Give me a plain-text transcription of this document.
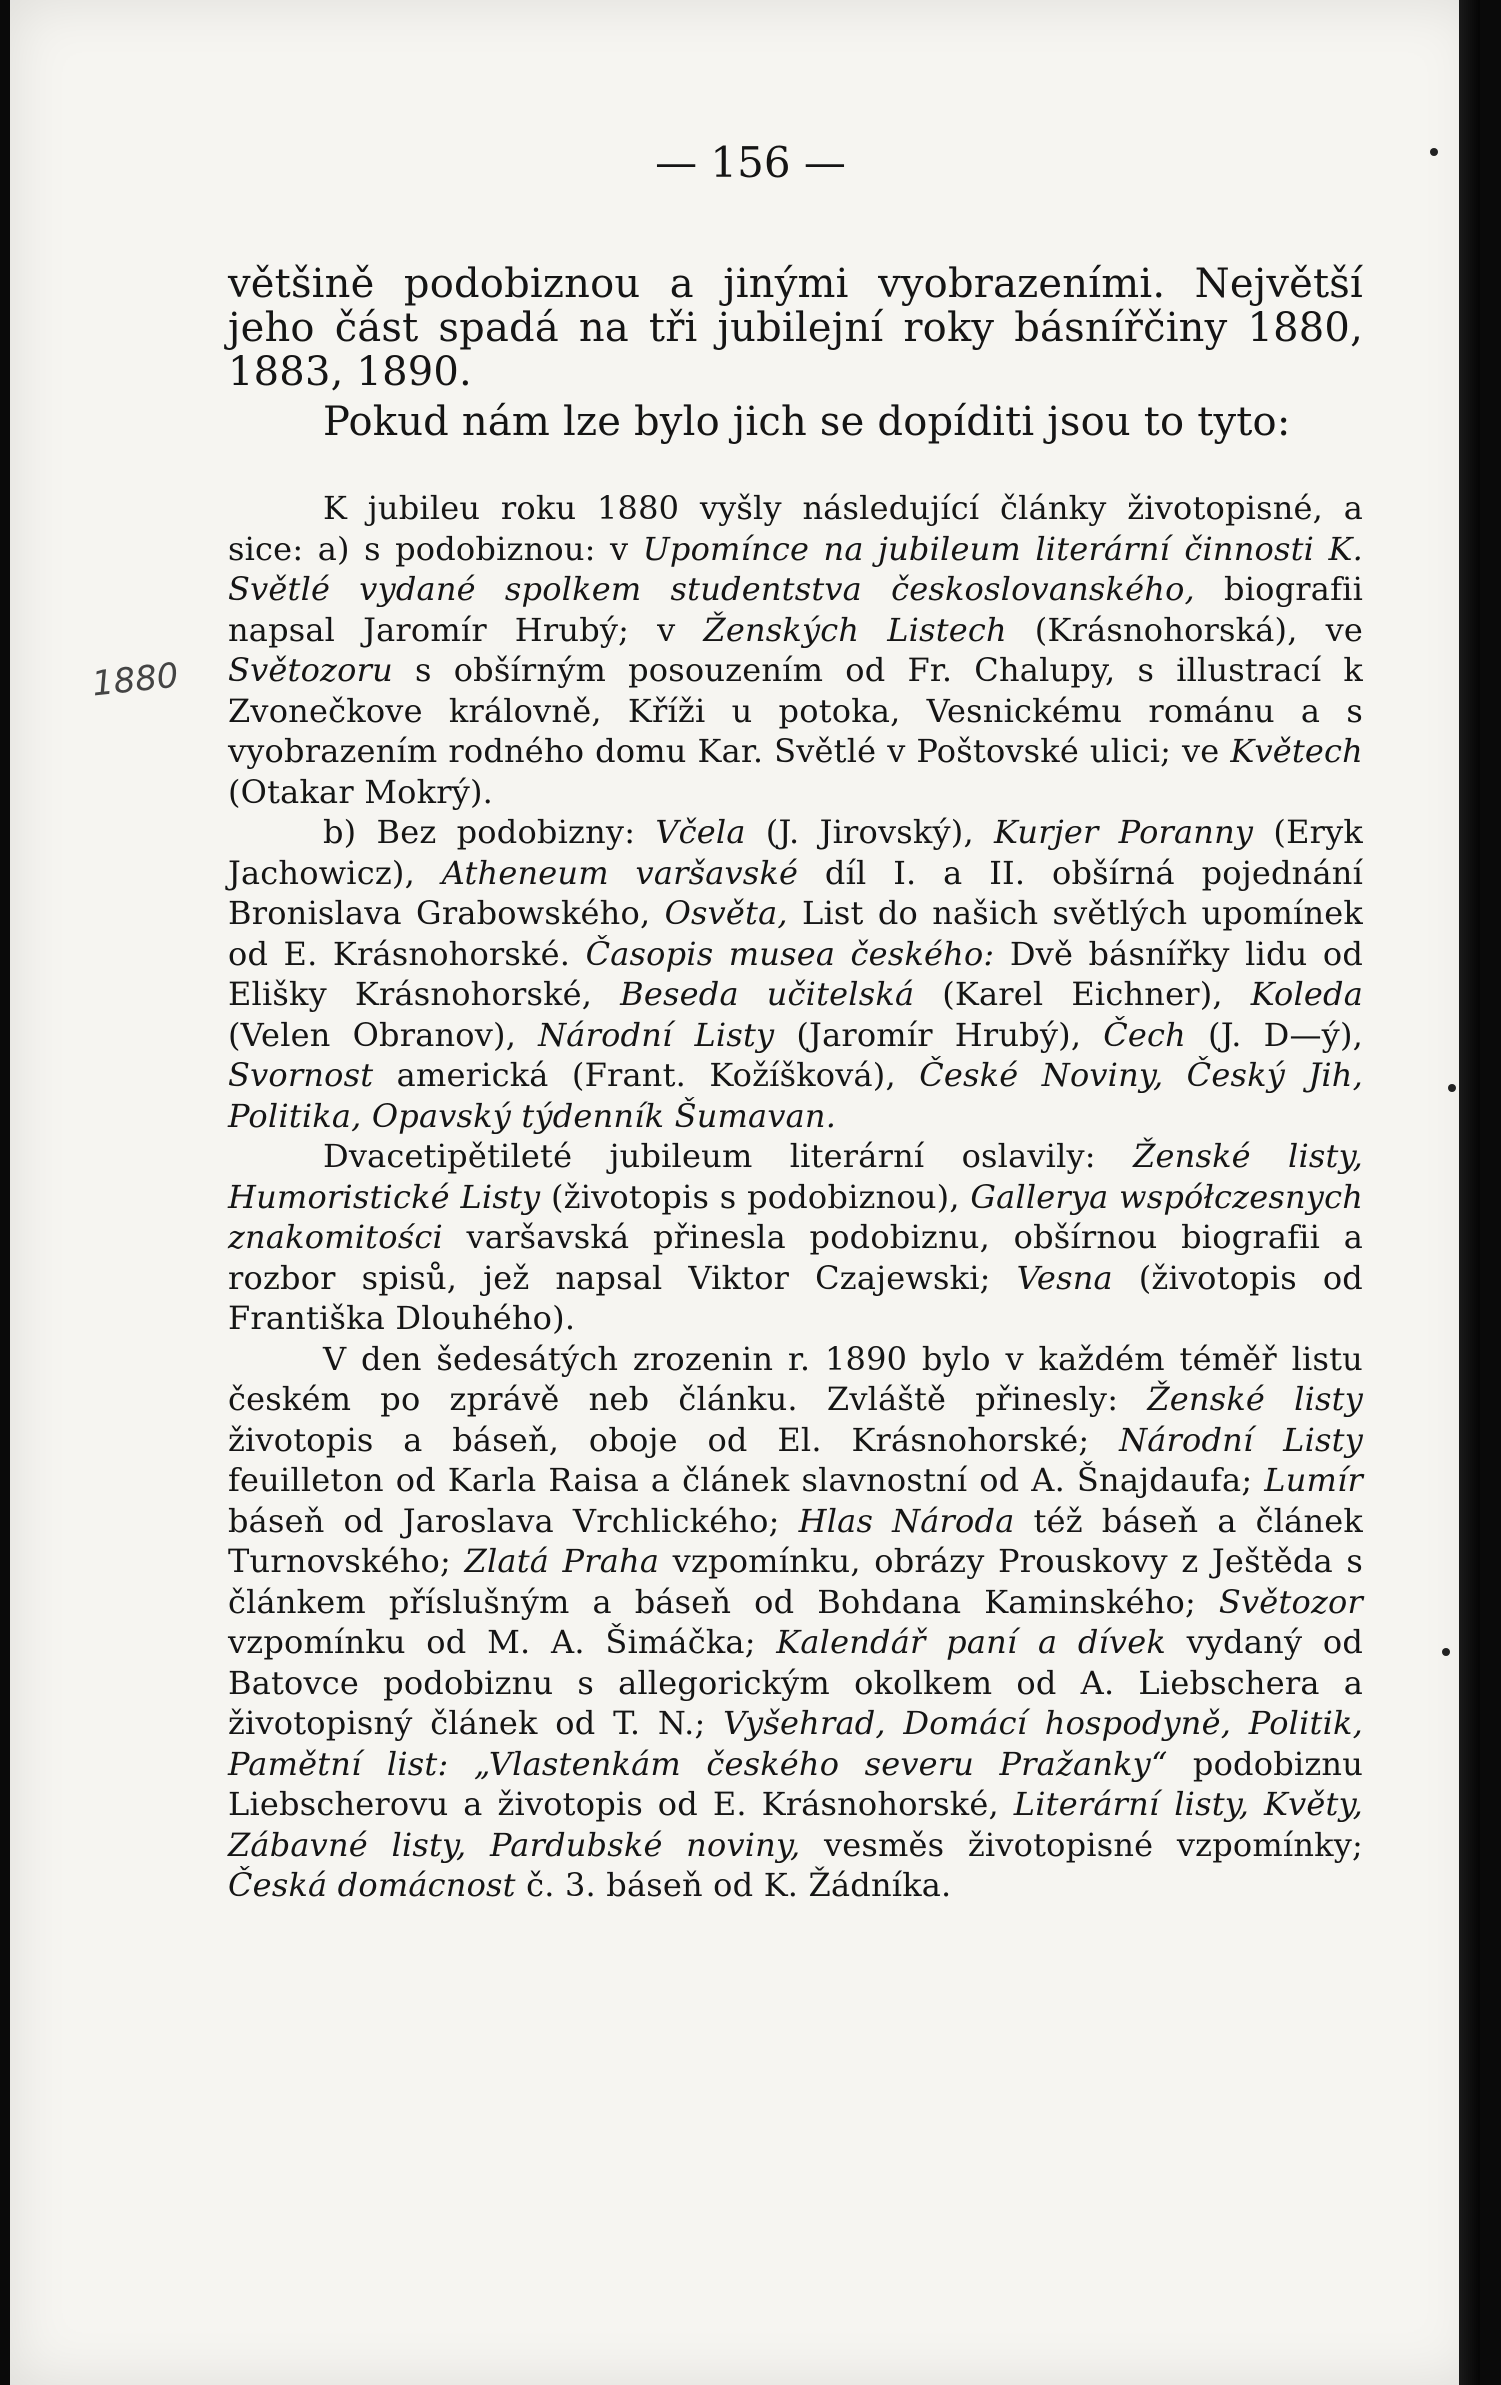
— 156 —
1880

většině podobiznou a jinými vyobrazeními. Největší jeho část spadá na tři jubilejní roky básnířčiny 1880, 1883, 1890.

Pokud nám lze bylo jich se dopíditi jsou to tyto:

K jubileu roku 1880 vyšly následující články životopisné, a sice: a) s podobiznou: v Upomínce na jubileum literární činnosti K. Světlé vydané spolkem studentstva českoslovanského, biografii napsal Jaromír Hrubý; v Ženských Listech (Krásnohorská), ve Světozoru s obšírným posouzením od Fr. Chalupy, s illustrací k Zvonečkove královně, Kříži u potoka, Vesnickému románu a s vyobrazením rodného domu Kar. Světlé v Poštovské ulici; ve Květech (Otakar Mokrý).

b) Bez podobizny: Včela (J. Jirovský), Kurjer Poranny (Eryk Jachowicz), Atheneum varšavské díl I. a II. obšírná pojednání Bronislava Grabowského, Osvěta, List do našich světlých upomínek od E. Krásnohorské. Časopis musea českého: Dvě básnířky lidu od Elišky Krásnohorské, Beseda učitelská (Karel Eichner), Koleda (Velen Obranov), Národní Listy (Jaromír Hrubý), Čech (J. D—ý), Svornost americká (Frant. Kožíšková), České Noviny, Český Jih, Politika, Opavský týdenník Šumavan.

Dvacetipětileté jubileum literární oslavily: Ženské listy, Humoristické Listy (životopis s podobiznou), Gallerya współczesnych znakomitości varšavská přinesla podobiznu, obšírnou biografii a rozbor spisů, jež napsal Viktor Czajewski; Vesna (životopis od Františka Dlouhého).

V den šedesátých zrozenin r. 1890 bylo v každém téměř listu českém po zprávě neb článku. Zvláště přinesly: Ženské listy životopis a báseň, oboje od El. Krásnohorské; Národní Listy feuilleton od Karla Raisa a článek slavnostní od A. Šnajdaufa; Lumír báseň od Jaroslava Vrchlického; Hlas Národa též báseň a článek Turnovského; Zlatá Praha vzpomínku, obrázy Prouskovy z Ještěda s článkem příslušným a báseň od Bohdana Kaminského; Světozor vzpomínku od M. A. Šimáčka; Kalendář paní a dívek vydaný od Batovce podobiznu s allegorickým okolkem od A. Liebschera a životopisný článek od T. N.; Vyšehrad, Domácí hospodyně, Politik, Pamětní list: „Vlastenkám českého severu Pražanky“ podobiznu Liebscherovu a životopis od E. Krásnohorské, Literární listy, Květy, Zábavné listy, Pardubské noviny, vesměs životopisné vzpomínky; Česká domácnost č. 3. báseň od K. Žádníka.
